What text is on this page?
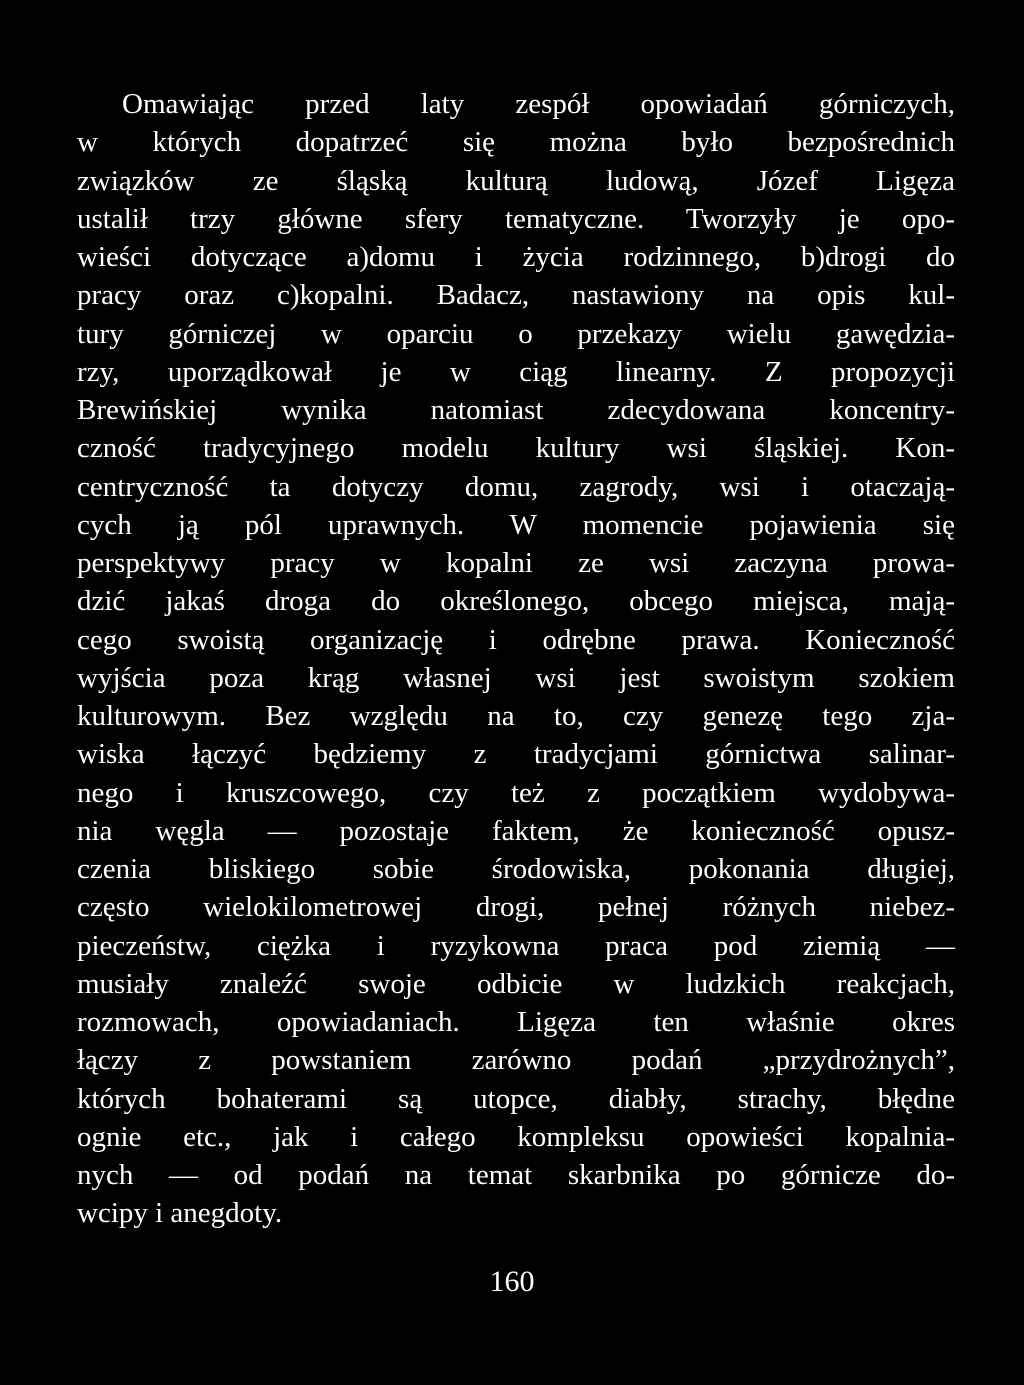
Omawiając przed laty zespół opowiadań górniczych,
w których dopatrzeć się można było bezpośrednich
związków ze śląską kulturą ludową, Józef Ligęza
ustalił trzy główne sfery tematyczne. Tworzyły je opo-
wieści dotyczące a)domu i życia rodzinnego, b)drogi do
pracy oraz c)kopalni. Badacz, nastawiony na opis kul-
tury górniczej w oparciu o przekazy wielu gawędzia-
rzy, uporządkował je w ciąg linearny. Z propozycji
Brewińskiej wynika natomiast zdecydowana koncentry-
czność tradycyjnego modelu kultury wsi śląskiej. Kon-
centryczność ta dotyczy domu, zagrody, wsi i otaczają-
cych ją pól uprawnych. W momencie pojawienia się
perspektywy pracy w kopalni ze wsi zaczyna prowa-
dzić jakaś droga do określonego, obcego miejsca, mają-
cego swoistą organizację i odrębne prawa. Konieczność
wyjścia poza krąg własnej wsi jest swoistym szokiem
kulturowym. Bez względu na to, czy genezę tego zja-
wiska łączyć będziemy z tradycjami górnictwa salinar-
nego i kruszcowego, czy też z początkiem wydobywa-
nia węgla — pozostaje faktem, że konieczność opusz-
czenia bliskiego sobie środowiska, pokonania długiej,
często wielokilometrowej drogi, pełnej różnych niebez-
pieczeństw, ciężka i ryzykowna praca pod ziemią —
musiały znaleźć swoje odbicie w ludzkich reakcjach,
rozmowach, opowiadaniach. Ligęza ten właśnie okres
łączy z powstaniem zarówno podań „przydrożnych”,
których bohaterami są utopce, diabły, strachy, błędne
ognie etc., jak i całego kompleksu opowieści kopalnia-
nych — od podań na temat skarbnika po górnicze do-
wcipy i anegdoty.
160
